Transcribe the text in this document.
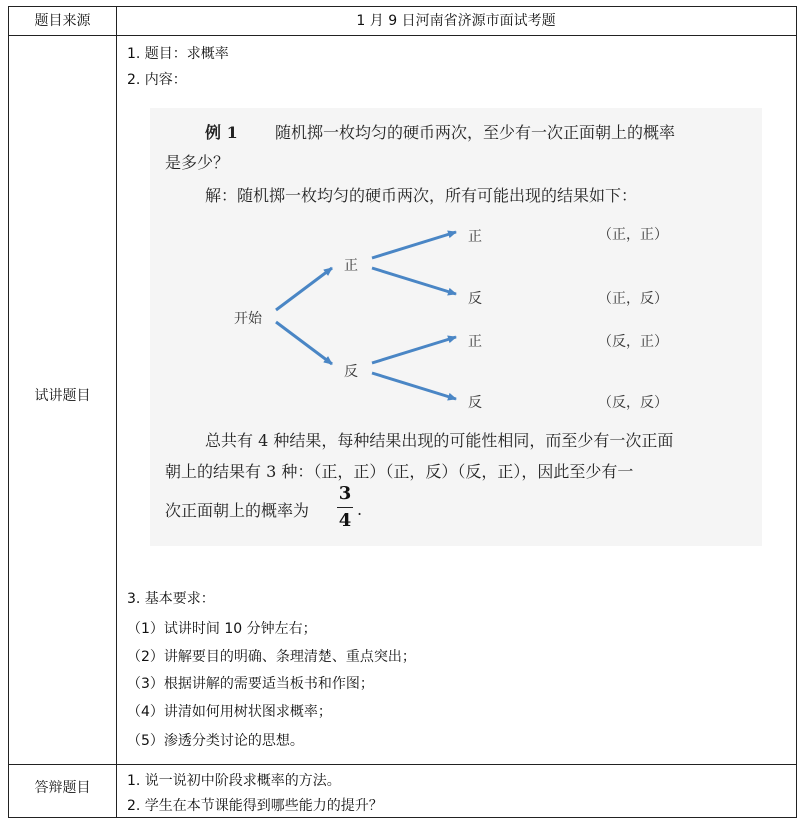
题目来源	1 月 9 日河南省济源市面试考题
试讲题目
1. 题目：求概率
2. 内容：
例 1 随机掷一枚均匀的硬币两次，至少有一次正面朝上的概率
是多少？
解：随机掷一枚均匀的硬币两次，所有可能出现的结果如下：
开始
正
反
正
反
正
反
（正，正）
（正，反）
（反，正）
（反，反）
总共有 4 种结果，每种结果出现的可能性相同，而至少有一次正面
朝上的结果有 3 种：（正，正）（正，反）（反，正），因此至少有一
次正面朝上的概率为
3
4
.
3. 基本要求：
（1）试讲时间 10 分钟左右；
（2）讲解要目的明确、条理清楚、重点突出；
（3）根据讲解的需要适当板书和作图；
（4）讲清如何用树状图求概率；
（5）渗透分类讨论的思想。
答辩题目	1. 说一说初中阶段求概率的方法。
2. 学生在本节课能得到哪些能力的提升？
